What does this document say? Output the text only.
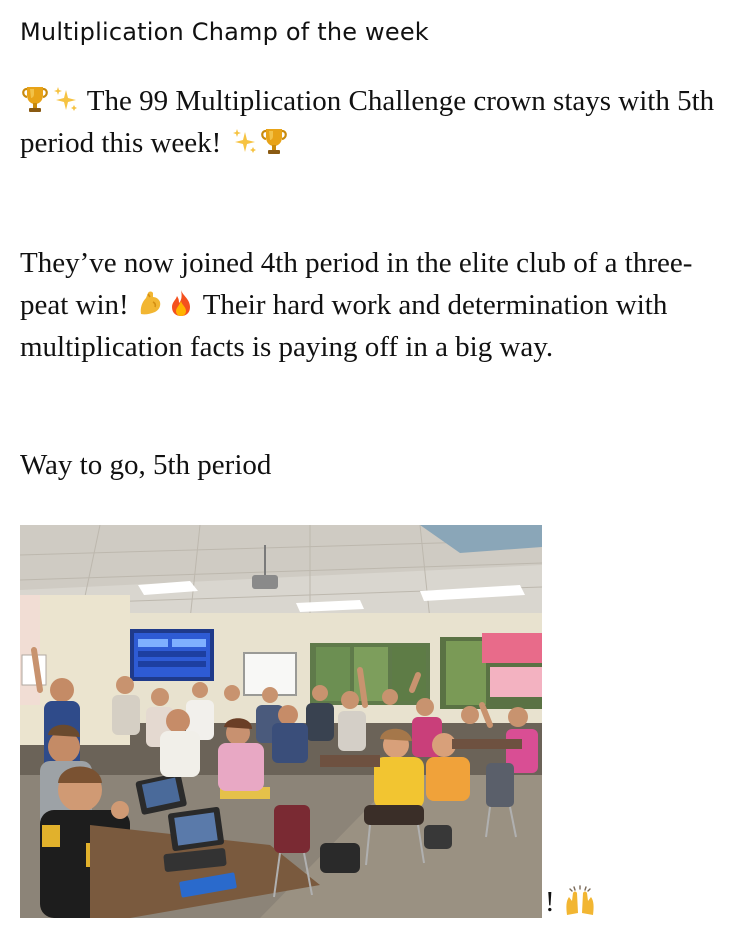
Multiplication Champ of the week

The 99 Multiplication Challenge crown stays with 5th period this week!

They’ve now joined 4th period in the elite club of a three-peat win!	Their hard work and determination with multiplication facts is paying off in a big way.

Way to go, 5th period

!
